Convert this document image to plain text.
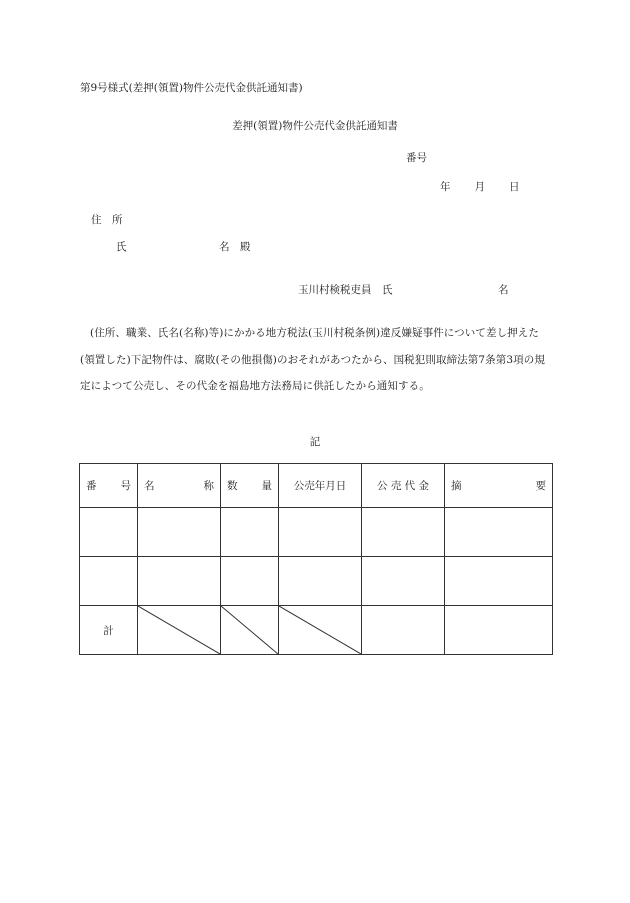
第9号様式(差押(領置)物件公売代金供託通知書)
差押(領置)物件公売代金供託通知書
番号
年 月 日
住　所
氏	名　殿
玉川村検税吏員　氏	名
(住所、職業、氏名(名称)等)にかかる地方税法(玉川村税条例)違反嫌疑事件について差し押えた(領置した)下記物件は、腐敗(その他損傷)のおそれがあつたから、国税犯則取締法第7条第3項の規定によつて公売し、その代金を福島地方法務局に供託したから通知する。
記
番 号	名 称	数 量	公売年月日	公 売 代 金	摘 要

計
